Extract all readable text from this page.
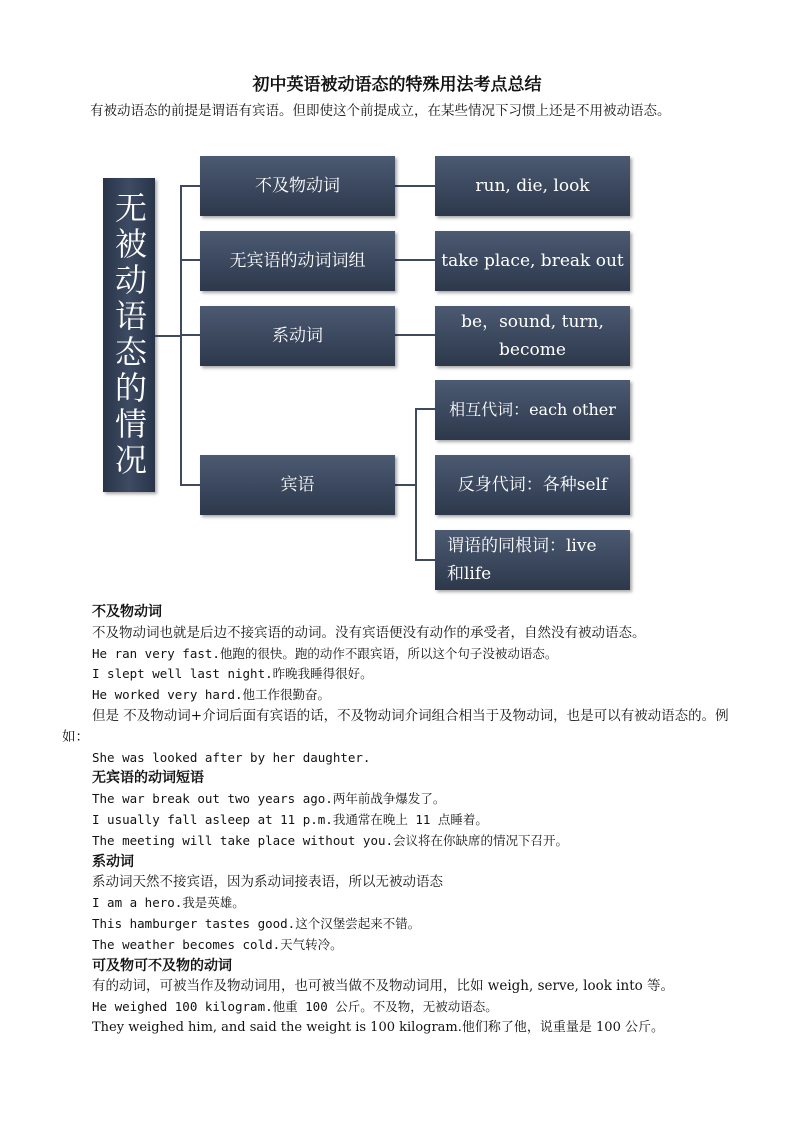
初中英语被动语态的特殊用法考点总结
有被动语态的前提是谓语有宾语。但即使这个前提成立，在某些情况下习惯上还是不用被动语态。
无被动语态的情况
不及物动词
无宾语的动词词组
系动词
宾语
run, die, look
take place, break out
be，sound, turn, become
相互代词：each other
反身代词：各种self
谓语的同根词：live 和life
不及物动词
不及物动词也就是后边不接宾语的动词。没有宾语便没有动作的承受者，自然没有被动语态。
He ran very fast.他跑的很快。跑的动作不跟宾语，所以这个句子没被动语态。
I slept well last night.昨晚我睡得很好。
He worked very hard.他工作很勤奋。
但是 不及物动词+介词后面有宾语的话，不及物动词介词组合相当于及物动词，也是可以有被动语态的。例如：
She was looked after by her daughter.
无宾语的动词短语
The war break out two years ago.两年前战争爆发了。
I usually fall asleep at 11 p.m.我通常在晚上 11 点睡着。
The meeting will take place without you.会议将在你缺席的情况下召开。
系动词
系动词天然不接宾语，因为系动词接表语，所以无被动语态
I am a hero.我是英雄。
This hamburger tastes good.这个汉堡尝起来不错。
The weather becomes cold.天气转冷。
可及物可不及物的动词
有的动词，可被当作及物动词用，也可被当做不及物动词用，比如 weigh, serve, look into 等。
He weighed 100 kilogram.他重 100 公斤。不及物，无被动语态。
They weighed him, and said the weight is 100 kilogram.他们称了他，说重量是 100 公斤。
